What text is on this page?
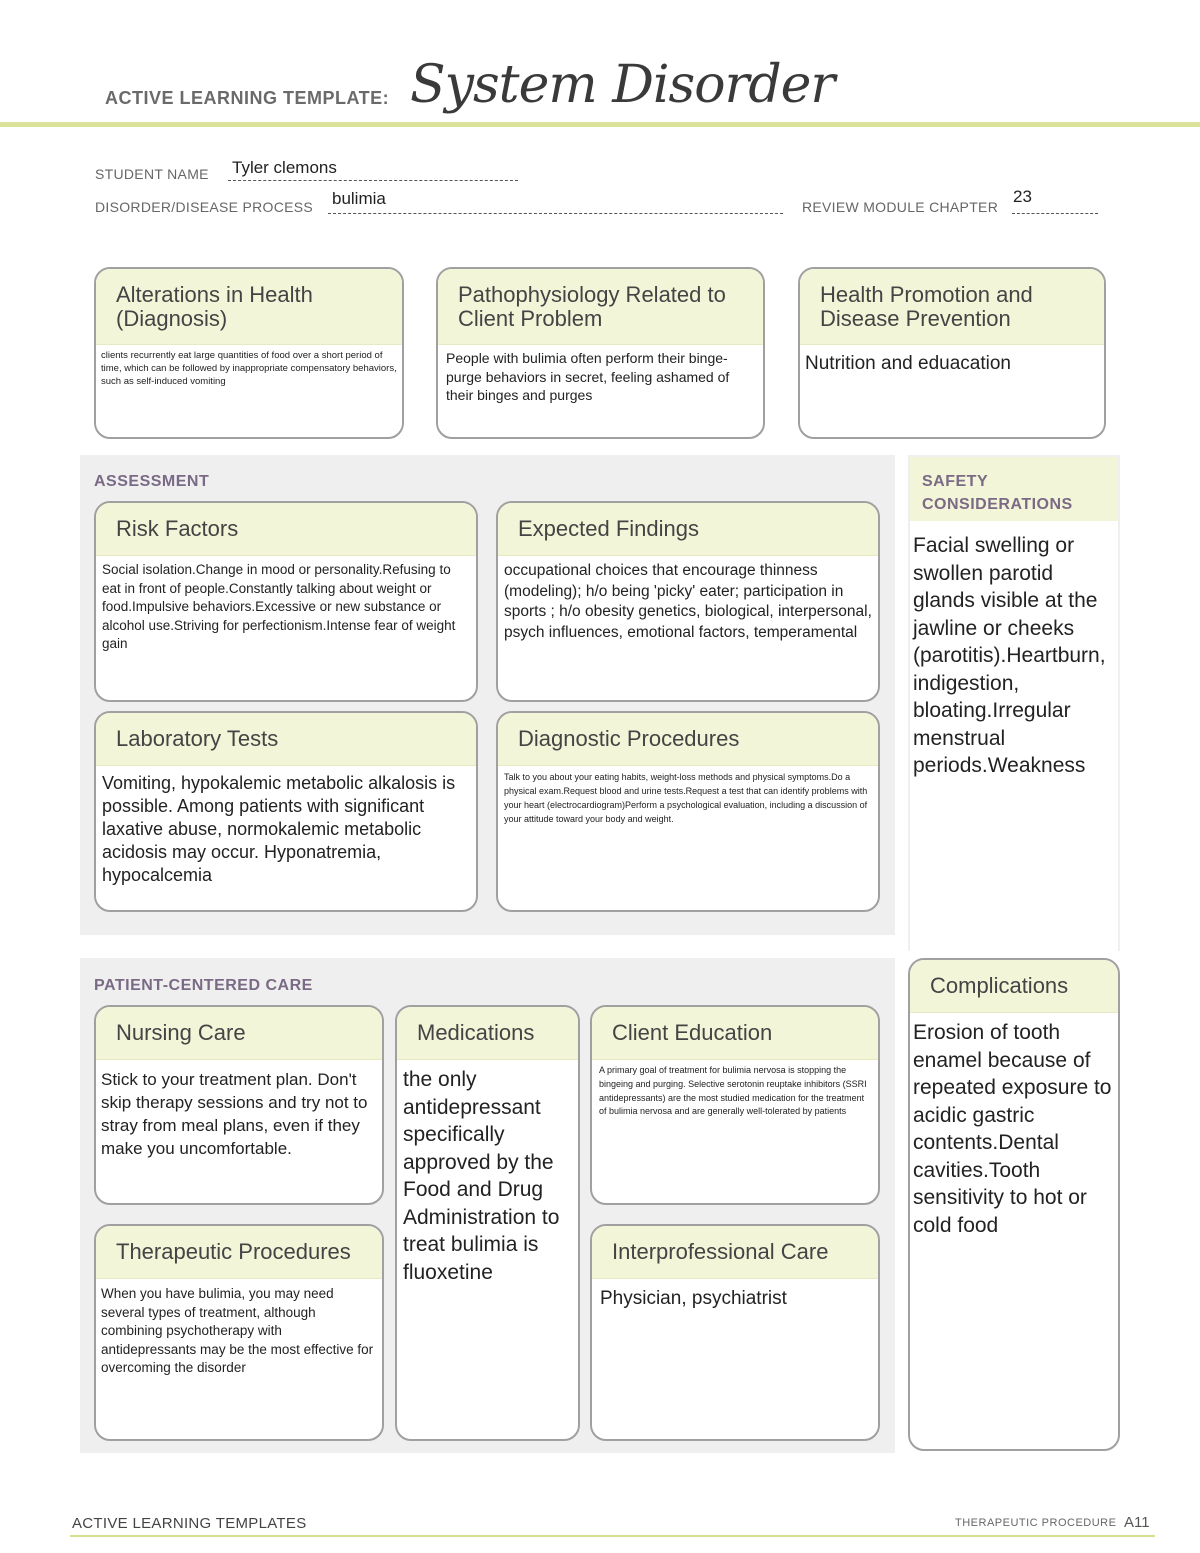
ACTIVE LEARNING TEMPLATE: System Disorder
STUDENT NAME Tyler clemons
DISORDER/DISEASE PROCESS bulimia	REVIEW MODULE CHAPTER
23
Alterations in Health (Diagnosis)
clients recurrently eat large quantities of food over a short period of time, which can be followed by inappropriate compensatory behaviors, such as self-induced vomiting
Pathophysiology Related to Client Problem
People with bulimia often perform their binge-purge behaviors in secret, feeling ashamed of their binges and purges
Health Promotion and Disease Prevention
Nutrition and eduacation
ASSESSMENT
Risk Factors
Social isolation.Change in mood or personality.Refusing to eat in front of people.Constantly talking about weight or food.Impulsive behaviors.Excessive or new substance or alcohol use.Striving for perfectionism.Intense fear of weight gain
Expected Findings
occupational choices that encourage thinness (modeling); h/o being 'picky' eater; participation in sports ; h/o obesity genetics, biological, interpersonal, psych influences, emotional factors, temperamental
Laboratory Tests
Vomiting, hypokalemic metabolic alkalosis is possible. Among patients with significant laxative abuse, normokalemic metabolic acidosis may occur. Hyponatremia, hypocalcemia
Diagnostic Procedures
Talk to you about your eating habits, weight-loss methods and physical symptoms.Do a physical exam.Request blood and urine tests.Request a test that can identify problems with your heart (electrocardiogram)Perform a psychological evaluation, including a discussion of your attitude toward your body and weight.
SAFETY CONSIDERATIONS
Facial swelling or swollen parotid glands visible at the jawline or cheeks (parotitis).Heartburn, indigestion, bloating.Irregular menstrual periods.Weakness
PATIENT-CENTERED CARE
Nursing Care
Stick to your treatment plan. Don't skip therapy sessions and try not to stray from meal plans, even if they make you uncomfortable.
Medications
the only antidepressant specifically approved by the Food and Drug Administration to treat bulimia is fluoxetine
Client Education
A primary goal of treatment for bulimia nervosa is stopping the bingeing and purging. Selective serotonin reuptake inhibitors (SSRI antidepressants) are the most studied medication for the treatment of bulimia nervosa and are generally well-tolerated by patients
Therapeutic Procedures
When you have bulimia, you may need several types of treatment, although combining psychotherapy with antidepressants may be the most effective for overcoming the disorder
Interprofessional Care
Physician, psychiatrist
Complications
Erosion of tooth enamel because of repeated exposure to acidic gastric contents.Dental cavities.Tooth sensitivity to hot or cold food
ACTIVE LEARNING TEMPLATES	THERAPEUTIC PROCEDURE A11
